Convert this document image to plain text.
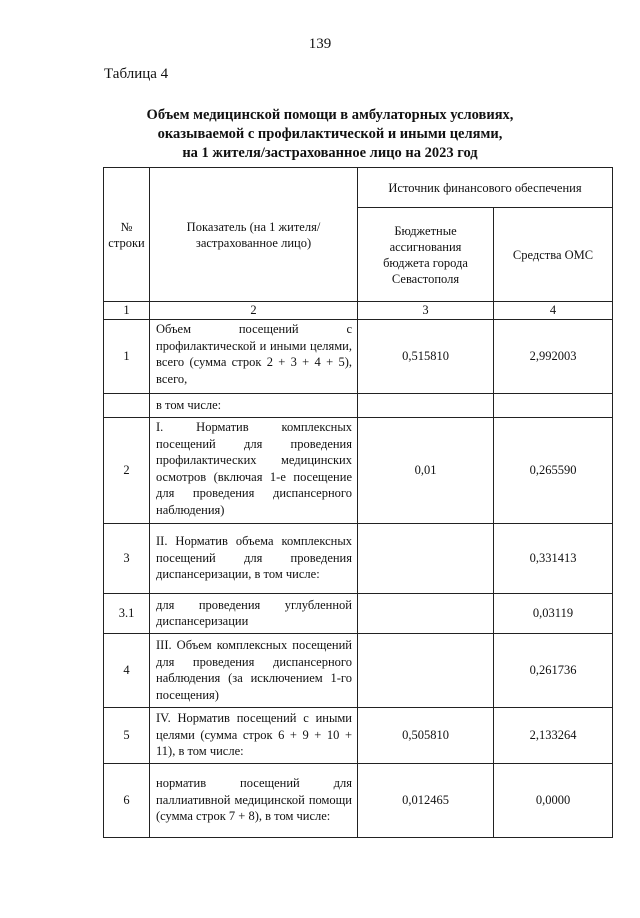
139
Таблица 4
Объем медицинской помощи в амбулаторных условиях,
оказываемой с профилактической и иными целями,
на 1 жителя/застрахованное лицо на 2023 год
№ строки	Показатель (на 1 жителя/застрахованное лицо)	Источник финансового обеспечения	

		Бюджетные ассигнования бюджета города Севастополя	Средства ОМС

1	2	3	4
1	Объем посещений с профилактической и иными целями, всего (сумма строк 2 + 3 + 4 + 5), всего,	0,515810	2,992003
	в том числе:		
2	I. Норматив комплексных посещений для проведения профилактических медицинских осмотров (включая 1-е посещение для проведения диспансерного наблюдения)	0,01	0,265590
3	II. Норматив объема комплексных посещений для проведения диспансеризации, в том числе:		0,331413
3.1	для проведения углубленной диспансеризации		0,03119
4	III. Объем комплексных посещений для проведения диспансерного наблюдения (за исключением 1-го посещения)		0,261736
5	IV. Норматив посещений с иными целями (сумма строк 6 + 9 + 10 + 11), в том числе:	0,505810	2,133264
6	норматив посещений для паллиативной медицинской помощи (сумма строк 7 + 8), в том числе:	0,012465	0,0000
